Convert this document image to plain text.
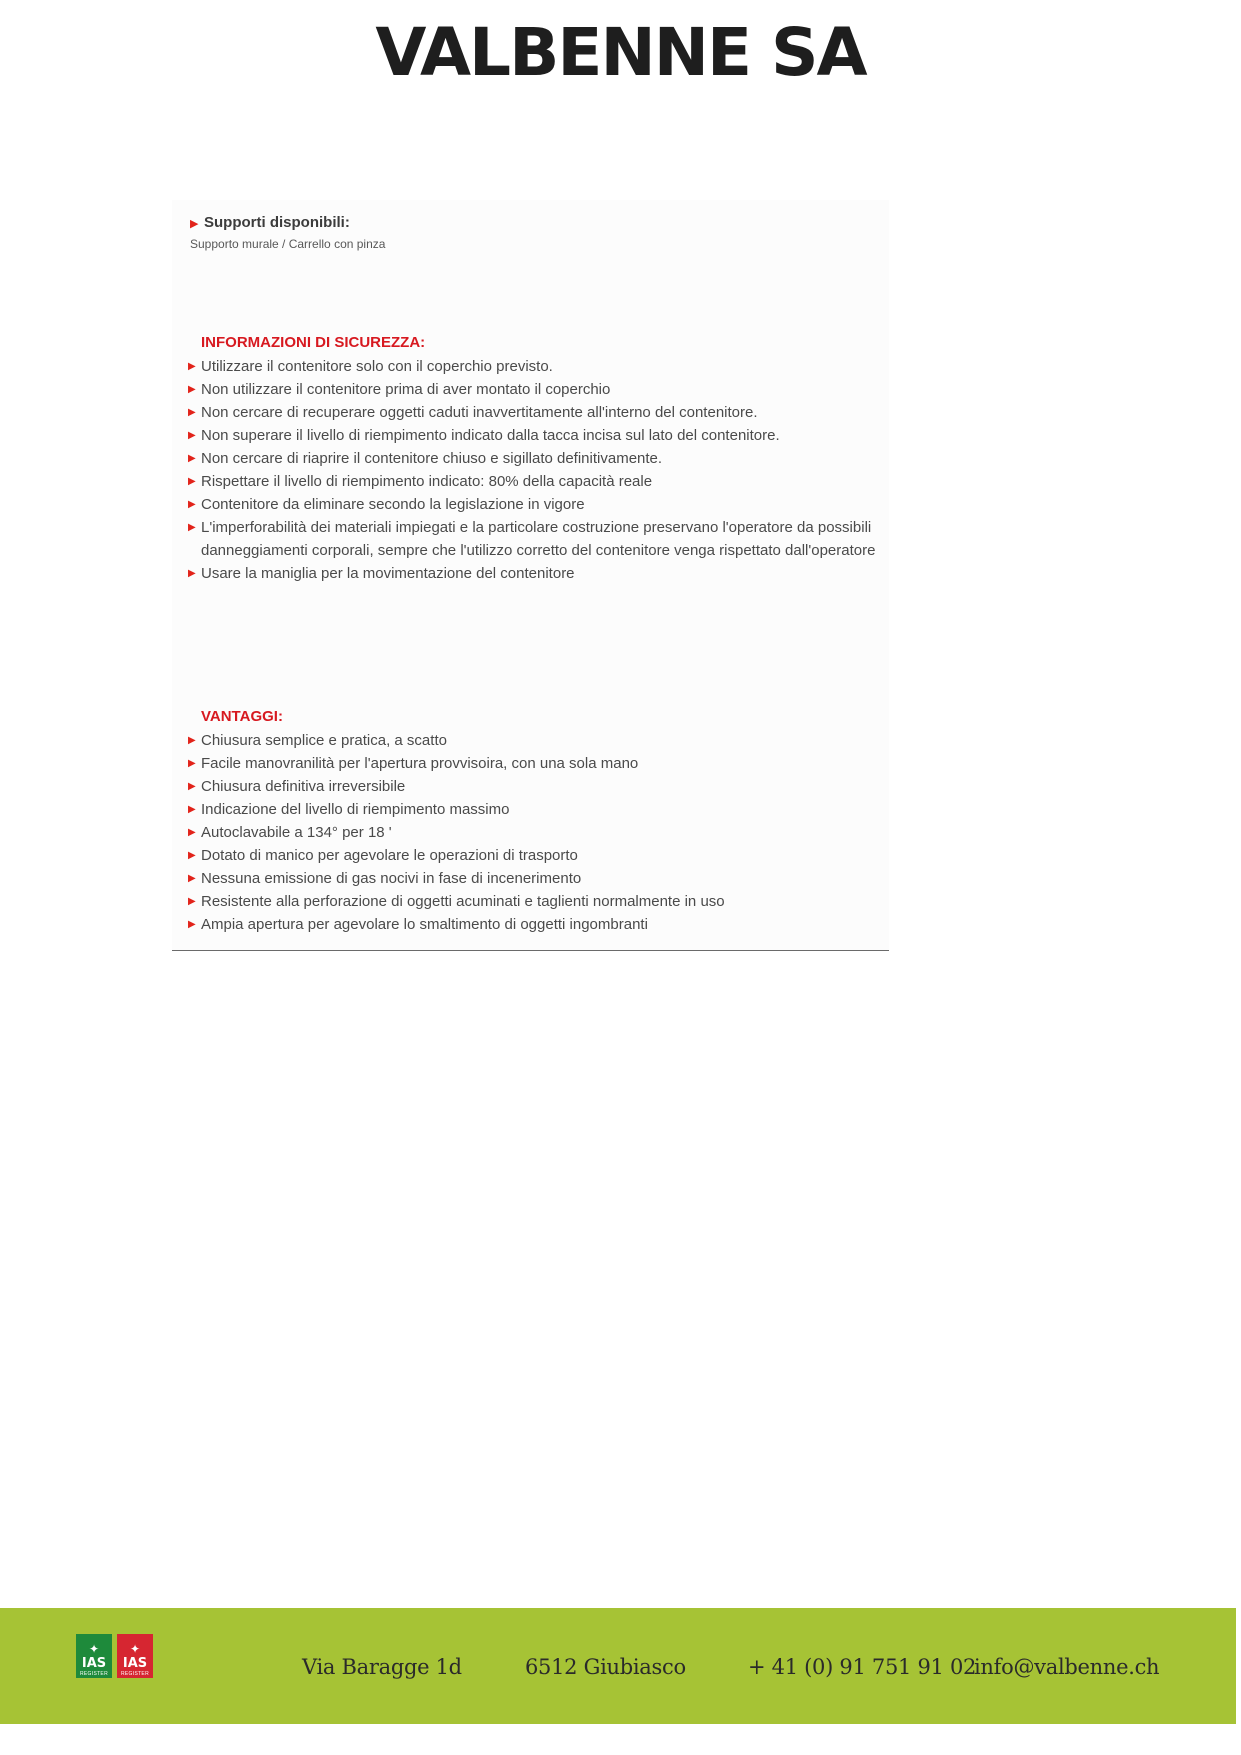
VALBENNE SA
▶ Supporti disponibili:
Supporto murale / Carrello con pinza
INFORMAZIONI DI SICUREZZA:
▶ Utilizzare il contenitore solo con il coperchio previsto.
▶ Non utilizzare il contenitore prima di aver montato il coperchio
▶ Non cercare di recuperare oggetti caduti inavvertitamente all'interno del contenitore.
▶ Non superare il livello di riempimento indicato dalla tacca incisa sul lato del contenitore.
▶ Non cercare di riaprire il contenitore chiuso e sigillato definitivamente.
▶ Rispettare il livello di riempimento indicato: 80% della capacità reale
▶ Contenitore da eliminare secondo la legislazione in vigore
▶ L'imperforabilità dei materiali impiegati e la particolare costruzione preservano l'operatore da possibili danneggiamenti corporali, sempre che l'utilizzo corretto del contenitore venga rispettato dall'operatore
▶ Usare la maniglia per la movimentazione del contenitore
VANTAGGI:
▶ Chiusura semplice e pratica, a scatto
▶ Facile manovranilità per l'apertura provvisoira, con una sola mano
▶ Chiusura definitiva irreversibile
▶ Indicazione del livello di riempimento massimo
▶ Autoclavabile a 134° per 18 '
▶ Dotato di manico per agevolare le operazioni di trasporto
▶ Nessuna emissione di gas nocivi in fase di incenerimento
▶ Resistente alla perforazione di oggetti acuminati e taglienti normalmente in uso
▶ Ampia apertura per agevolare lo smaltimento di oggetti ingombranti
✦
IAS
REGISTER
✦
IAS
REGISTER	Via Baragge 1d	6512 Giubiasco	+ 41 (0) 91 751 91 02
info@valbenne.ch
